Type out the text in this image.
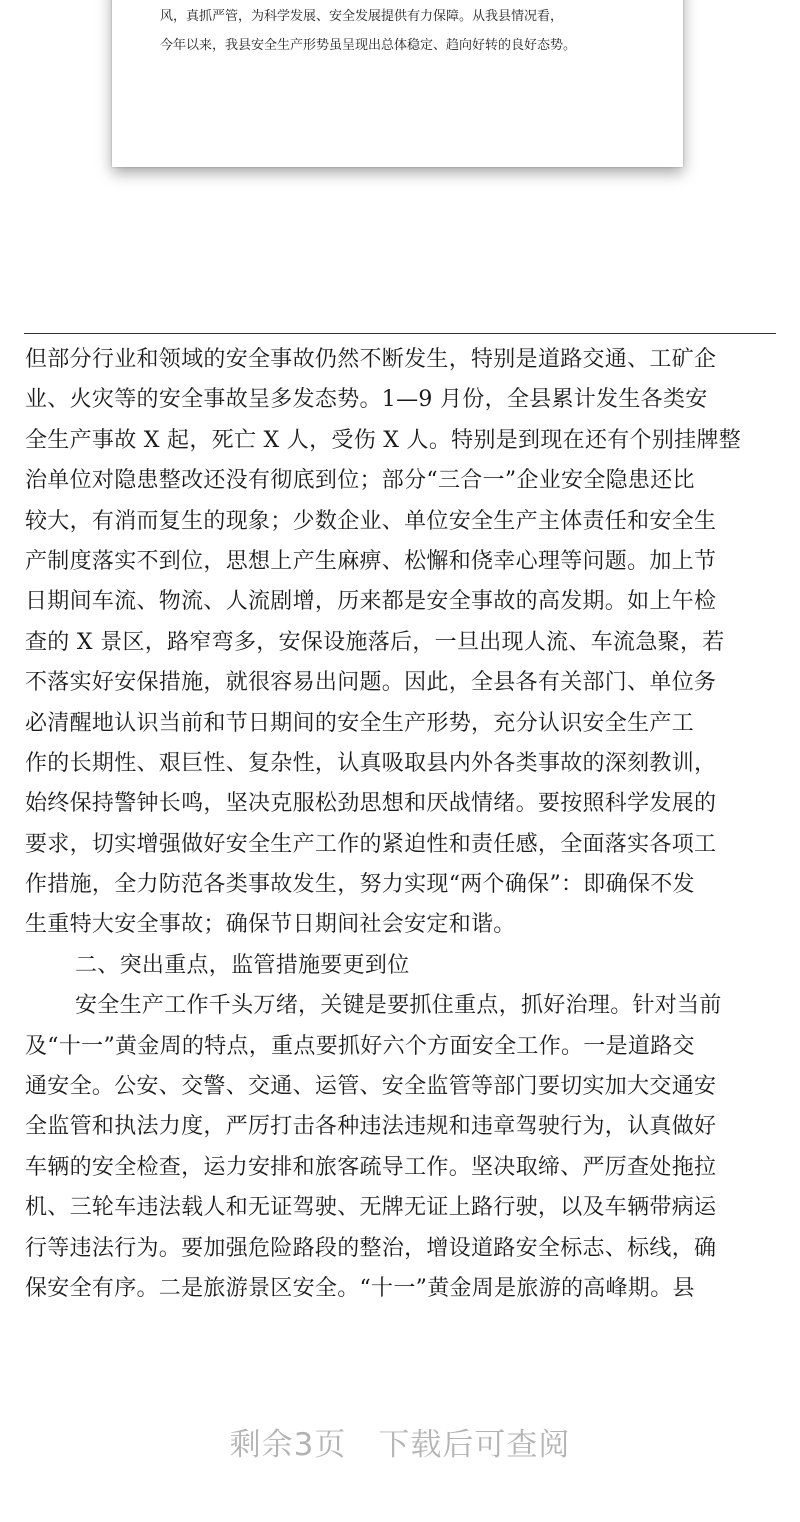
风，真抓严管，为科学发展、安全发展提供有力保障。从我县情况看，
今年以来，我县安全生产形势虽呈现出总体稳定、趋向好转的良好态势。
但部分行业和领域的安全事故仍然不断发生，特别是道路交通、工矿企
业、火灾等的安全事故呈多发态势。1—9 月份，全县累计发生各类安
全生产事故 X 起，死亡 X 人，受伤 X 人。特别是到现在还有个别挂牌整
治单位对隐患整改还没有彻底到位；部分“三合一”企业安全隐患还比
较大，有消而复生的现象；少数企业、单位安全生产主体责任和安全生
产制度落实不到位，思想上产生麻痹、松懈和侥幸心理等问题。加上节
日期间车流、物流、人流剧增，历来都是安全事故的高发期。如上午检
查的 X 景区，路窄弯多，安保设施落后，一旦出现人流、车流急聚，若
不落实好安保措施，就很容易出问题。因此，全县各有关部门、单位务
必清醒地认识当前和节日期间的安全生产形势，充分认识安全生产工
作的长期性、艰巨性、复杂性，认真吸取县内外各类事故的深刻教训，
始终保持警钟长鸣，坚决克服松劲思想和厌战情绪。要按照科学发展的
要求，切实增强做好安全生产工作的紧迫性和责任感，全面落实各项工
作措施，全力防范各类事故发生，努力实现“两个确保”：即确保不发
生重特大安全事故；确保节日期间社会安定和谐。
二、突出重点，监管措施要更到位
安全生产工作千头万绪，关键是要抓住重点，抓好治理。针对当前
及“十一”黄金周的特点，重点要抓好六个方面安全工作。一是道路交
通安全。公安、交警、交通、运管、安全监管等部门要切实加大交通安
全监管和执法力度，严厉打击各种违法违规和违章驾驶行为，认真做好
车辆的安全检查，运力安排和旅客疏导工作。坚决取缔、严厉查处拖拉
机、三轮车违法载人和无证驾驶、无牌无证上路行驶，以及车辆带病运
行等违法行为。要加强危险路段的整治，增设道路安全标志、标线，确
保安全有序。二是旅游景区安全。“十一”黄金周是旅游的高峰期。县
剩余3页 下载后可查阅
